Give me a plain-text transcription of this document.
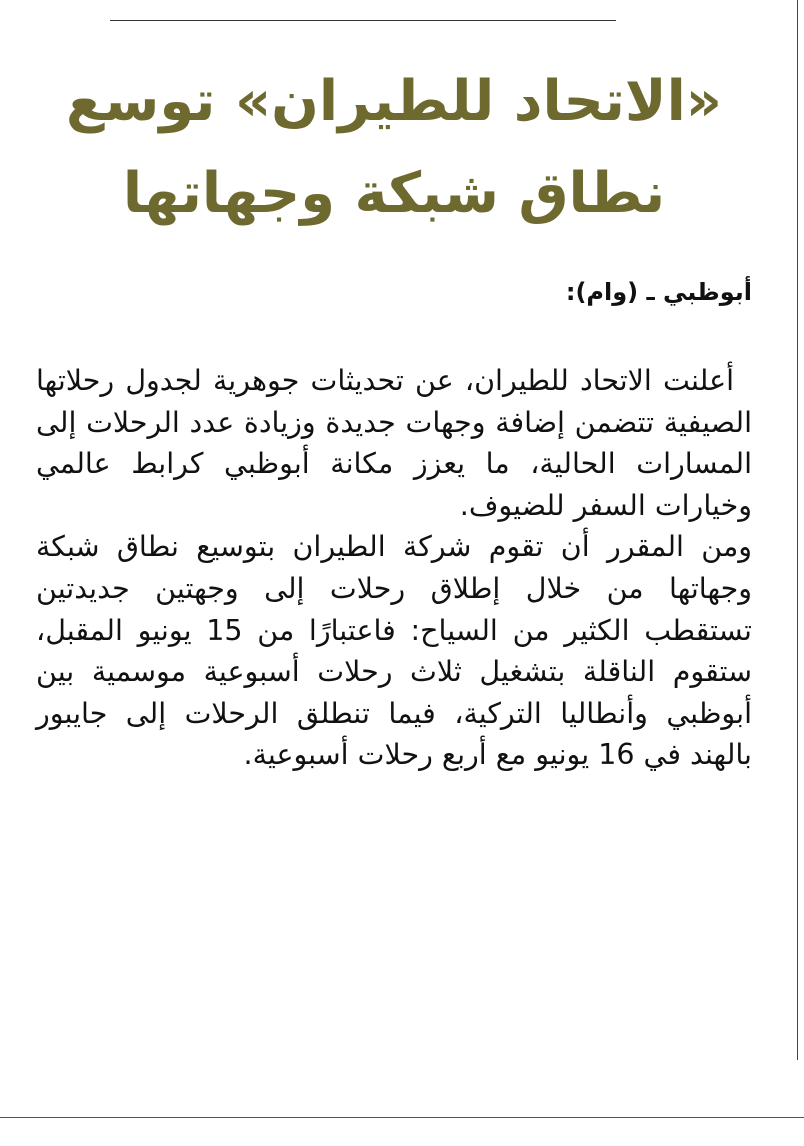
«الاتحاد للطيران» توسع نطاق شبكة وجهاتها
أبوظبي ـ (وام):

أعلنت الاتحاد للطيران، عن تحديثات جوهرية لجدول رحلاتها الصيفية تتضمن إضافة وجهات جديدة وزيادة عدد الرحلات إلى المسارات الحالية، ما يعزز مكانة أبوظبي كرابط عالمي وخيارات السفر للضيوف.

ومن المقرر أن تقوم شركة الطيران بتوسيع نطاق شبكة وجهاتها من خلال إطلاق رحلات إلى وجهتين جديدتين تستقطب الكثير من السياح: فاعتبارًا من 15 يونيو المقبل، ستقوم الناقلة بتشغيل ثلاث رحلات أسبوعية موسمية بين أبوظبي وأنطاليا التركية، فيما تنطلق الرحلات إلى جايبور بالهند في 16 يونيو مع أربع رحلات أسبوعية.
